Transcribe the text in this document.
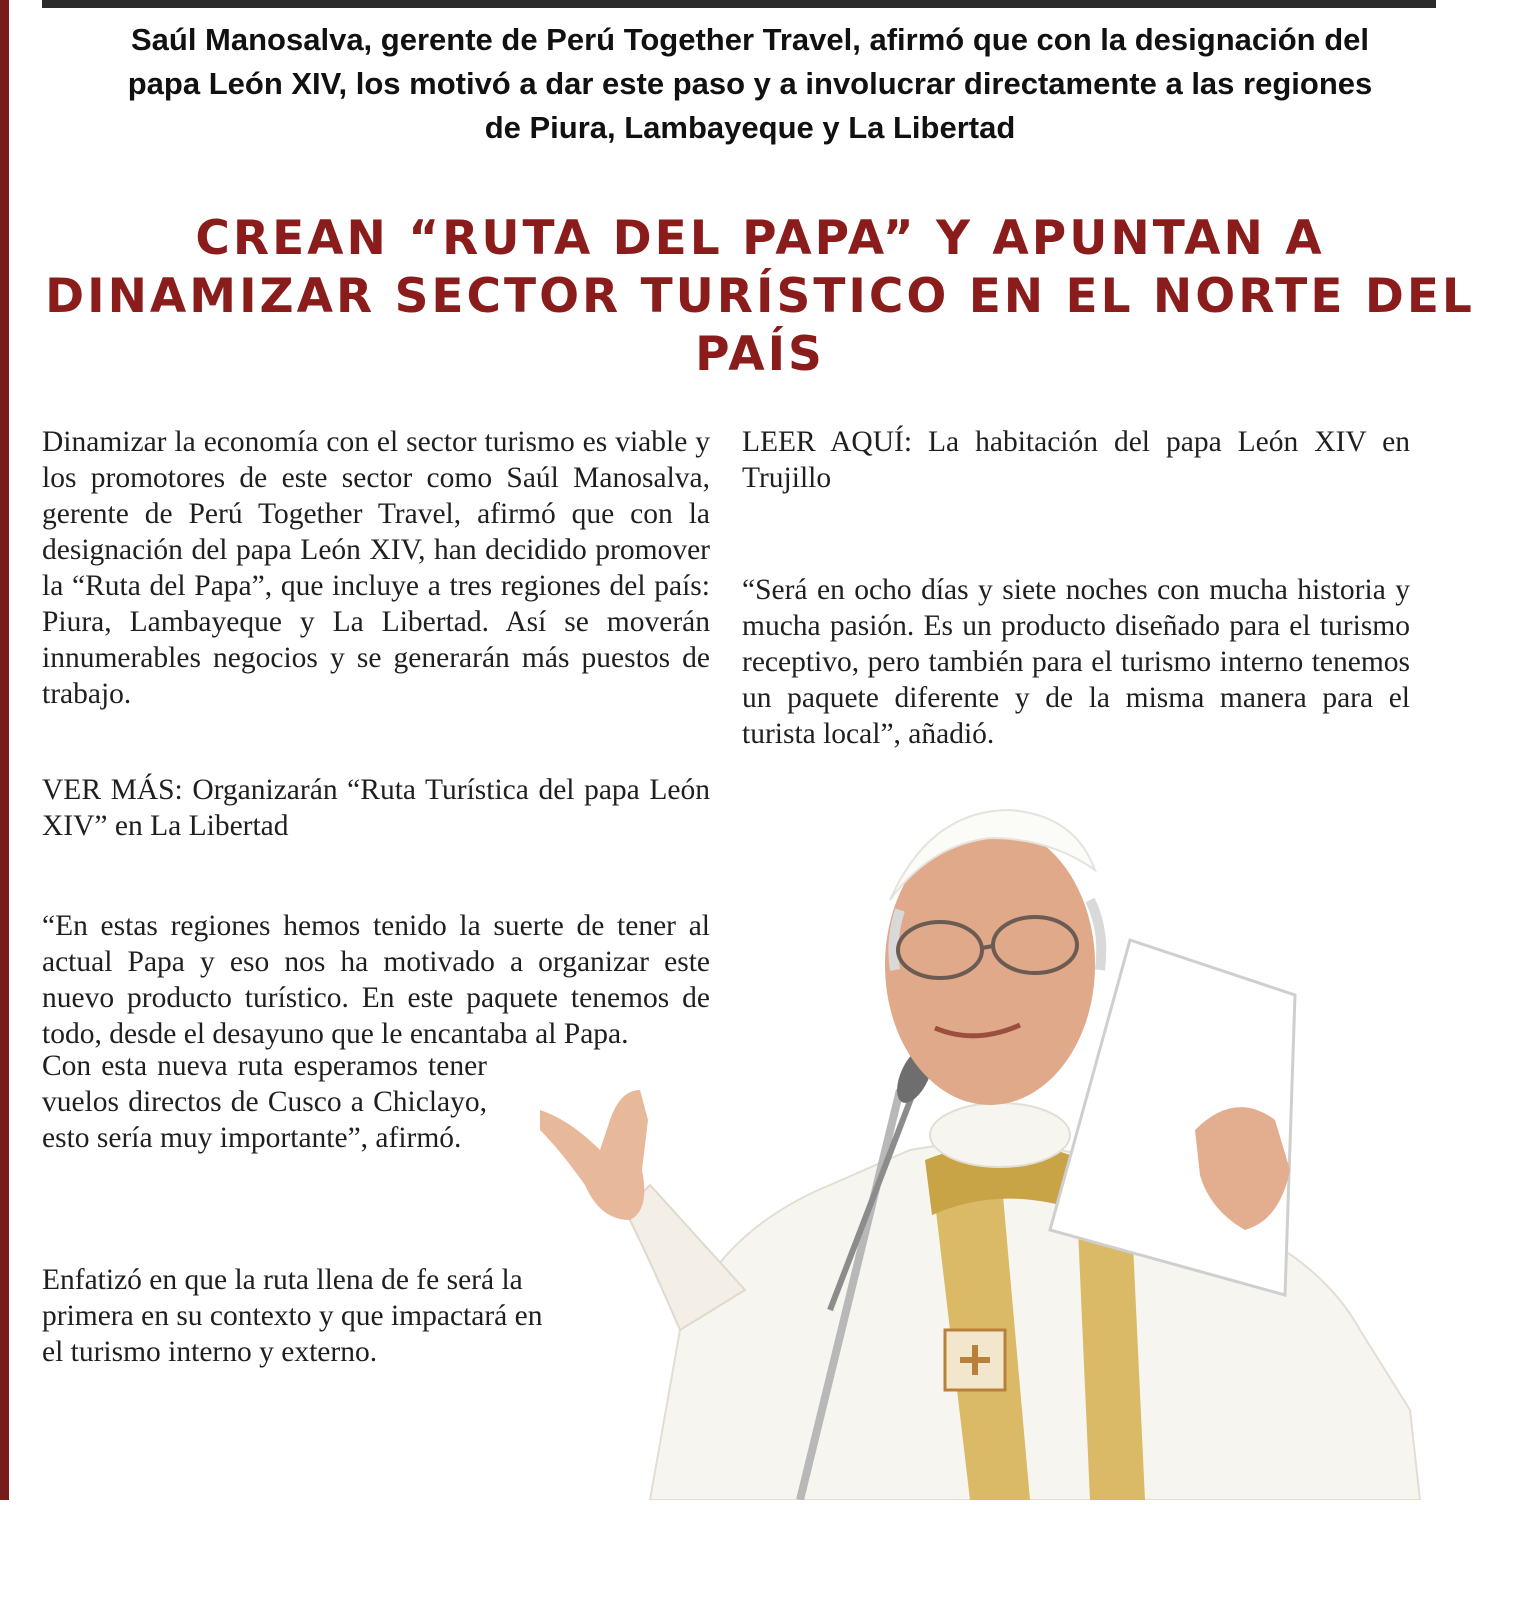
Saúl Manosalva, gerente de Perú Together Travel, afirmó que con la designación del papa León XIV, los motivó a dar este paso y a involucrar directamente a las regiones de Piura, Lambayeque y La Libertad
CREAN “RUTA DEL PAPA” Y APUNTAN A DINAMIZAR SECTOR TURÍSTICO EN EL NORTE DEL PAÍS

Dinamizar la economía con el sector turismo es viable y los promotores de este sector como Saúl Manosalva, gerente de Perú Together Travel, afirmó que con la designación del papa León XIV, han decidido promover la “Ruta del Papa”, que incluye a tres regiones del país: Piura, Lambayeque y La Libertad. Así se moverán innumerables negocios y se generarán más puestos de trabajo.

VER MÁS: Organizarán “Ruta Turística del papa León XIV” en La Libertad

“En estas regiones hemos tenido la suerte de tener al actual Papa y eso nos ha motivado a organizar este nuevo producto turístico. En este paquete tenemos de todo, desde el desayuno que le encantaba al Papa.

Con esta nueva ruta esperamos tener vuelos directos de Cusco a Chiclayo, esto sería muy importante”, afirmó.

Enfatizó en que la ruta llena de fe será la primera en su contexto y que impactará en el turismo interno y externo.

LEER AQUÍ: La habitación del papa León XIV en Trujillo

“Será en ocho días y siete noches con mucha historia y mucha pasión. Es un producto diseñado para el turismo receptivo, pero también para el turismo interno tenemos un paquete diferente y de la misma manera para el turista local”, añadió.
